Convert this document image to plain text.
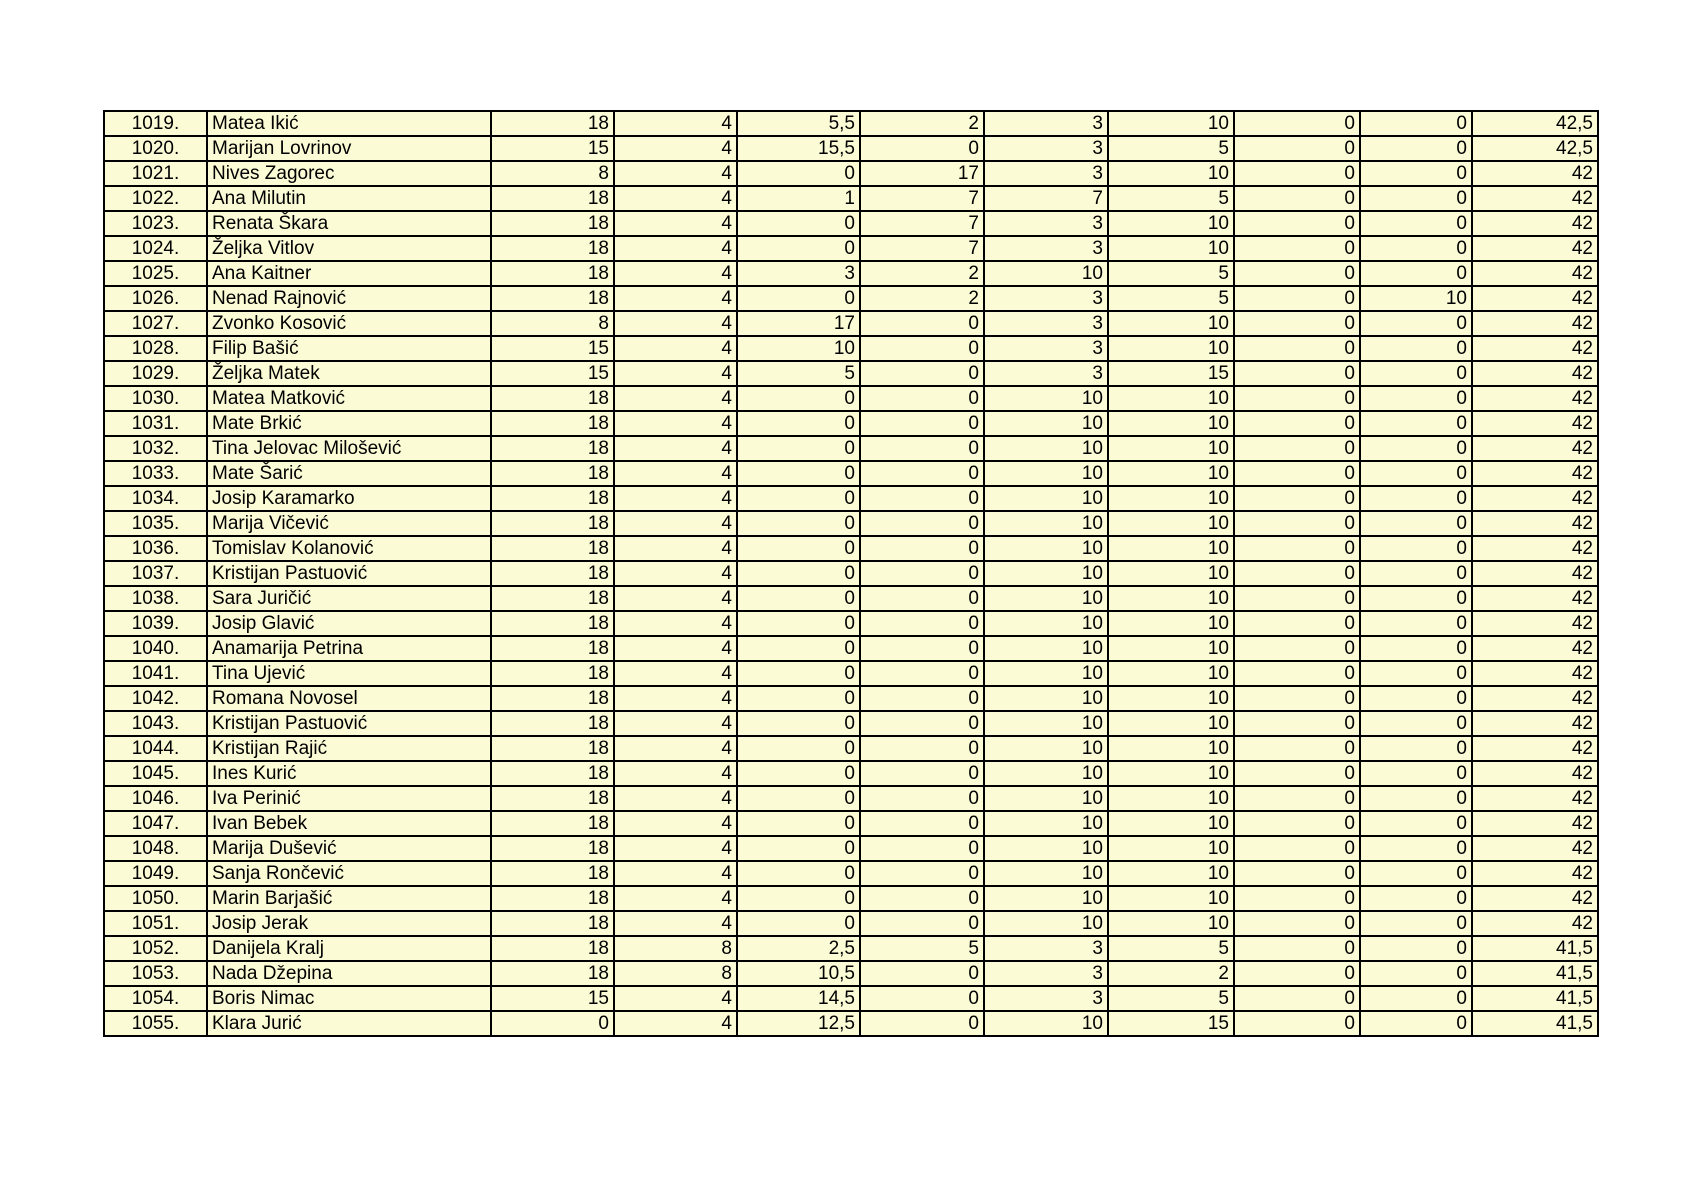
1019.	Matea Ikić	18	4	5,5	2	3	10	0	0	42,5
1020.	Marijan Lovrinov	15	4	15,5	0	3	5	0	0	42,5
1021.	Nives Zagorec	8	4	0	17	3	10	0	0	42
1022.	Ana Milutin	18	4	1	7	7	5	0	0	42
1023.	Renata Škara	18	4	0	7	3	10	0	0	42
1024.	Željka Vitlov	18	4	0	7	3	10	0	0	42
1025.	Ana Kaitner	18	4	3	2	10	5	0	0	42
1026.	Nenad Rajnović	18	4	0	2	3	5	0	10	42
1027.	Zvonko Kosović	8	4	17	0	3	10	0	0	42
1028.	Filip Bašić	15	4	10	0	3	10	0	0	42
1029.	Željka Matek	15	4	5	0	3	15	0	0	42
1030.	Matea Matković	18	4	0	0	10	10	0	0	42
1031.	Mate Brkić	18	4	0	0	10	10	0	0	42
1032.	Tina Jelovac Milošević	18	4	0	0	10	10	0	0	42
1033.	Mate Šarić	18	4	0	0	10	10	0	0	42
1034.	Josip Karamarko	18	4	0	0	10	10	0	0	42
1035.	Marija Vičević	18	4	0	0	10	10	0	0	42
1036.	Tomislav Kolanović	18	4	0	0	10	10	0	0	42
1037.	Kristijan Pastuović	18	4	0	0	10	10	0	0	42
1038.	Sara Juričić	18	4	0	0	10	10	0	0	42
1039.	Josip Glavić	18	4	0	0	10	10	0	0	42
1040.	Anamarija Petrina	18	4	0	0	10	10	0	0	42
1041.	Tina Ujević	18	4	0	0	10	10	0	0	42
1042.	Romana Novosel	18	4	0	0	10	10	0	0	42
1043.	Kristijan Pastuović	18	4	0	0	10	10	0	0	42
1044.	Kristijan Rajić	18	4	0	0	10	10	0	0	42
1045.	Ines Kurić	18	4	0	0	10	10	0	0	42
1046.	Iva Perinić	18	4	0	0	10	10	0	0	42
1047.	Ivan Bebek	18	4	0	0	10	10	0	0	42
1048.	Marija Dušević	18	4	0	0	10	10	0	0	42
1049.	Sanja Rončević	18	4	0	0	10	10	0	0	42
1050.	Marin Barjašić	18	4	0	0	10	10	0	0	42
1051.	Josip Jerak	18	4	0	0	10	10	0	0	42
1052.	Danijela Kralj	18	8	2,5	5	3	5	0	0	41,5
1053.	Nada Džepina	18	8	10,5	0	3	2	0	0	41,5
1054.	Boris Nimac	15	4	14,5	0	3	5	0	0	41,5
1055.	Klara Jurić	0	4	12,5	0	10	15	0	0	41,5
